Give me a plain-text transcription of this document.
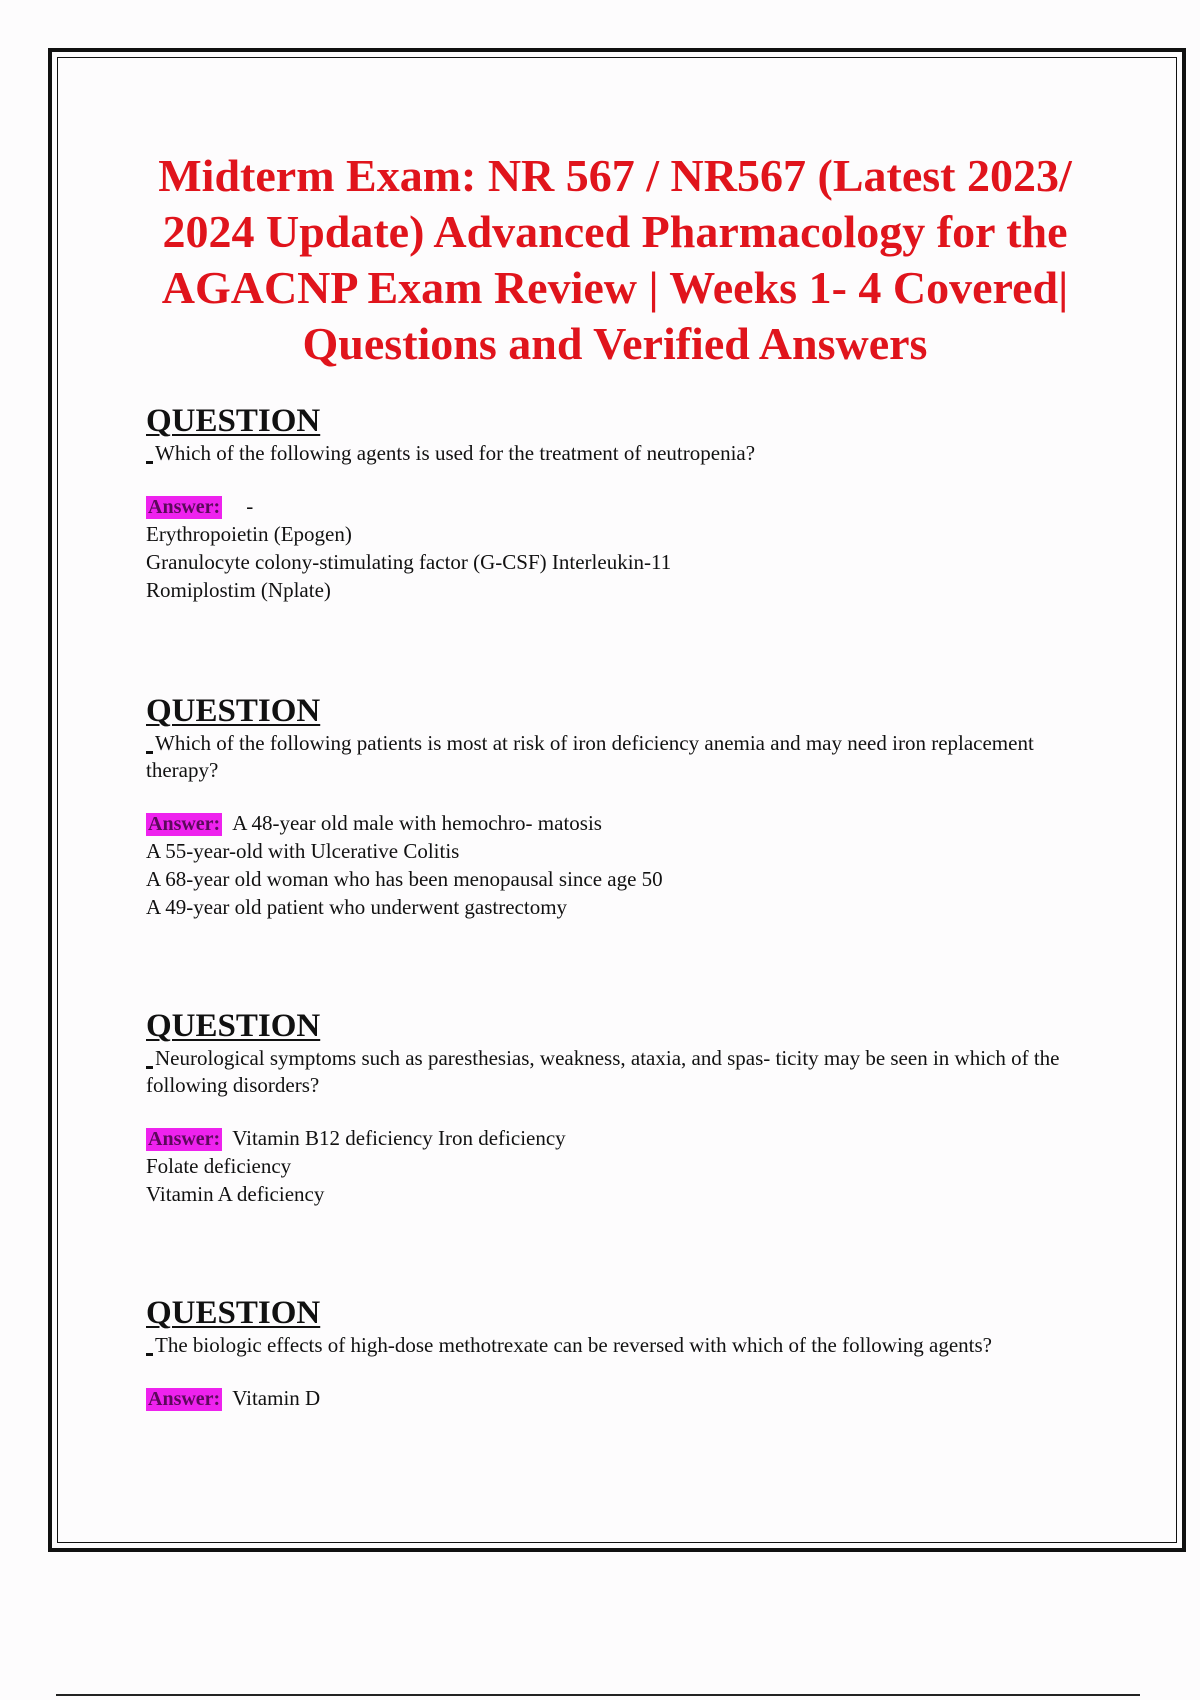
Midterm Exam: NR 567 / NR567 (Latest 2023/ 2024 Update) Advanced Pharmacology for the AGACNP Exam Review | Weeks 1- 4 Covered| Questions and Verified Answers
QUESTION
Which of the following agents is used for the treatment of neutropenia?
Answer: -
Erythropoietin (Epogen)
Granulocyte colony-stimulating factor (G-CSF) Interleukin-11
Romiplostim (Nplate)
QUESTION
Which of the following patients is most at risk of iron deficiency anemia and may need iron replacement therapy?
Answer: A 48-year old male with hemochro- matosis
A 55-year-old with Ulcerative Colitis
A 68-year old woman who has been menopausal since age 50
A 49-year old patient who underwent gastrectomy
QUESTION
Neurological symptoms such as paresthesias, weakness, ataxia, and spas- ticity may be seen in which of the following disorders?
Answer: Vitamin B12 deficiency Iron deficiency
Folate deficiency
Vitamin A deficiency
QUESTION
The biologic effects of high-dose methotrexate can be reversed with which of the following agents?
Answer: Vitamin D
